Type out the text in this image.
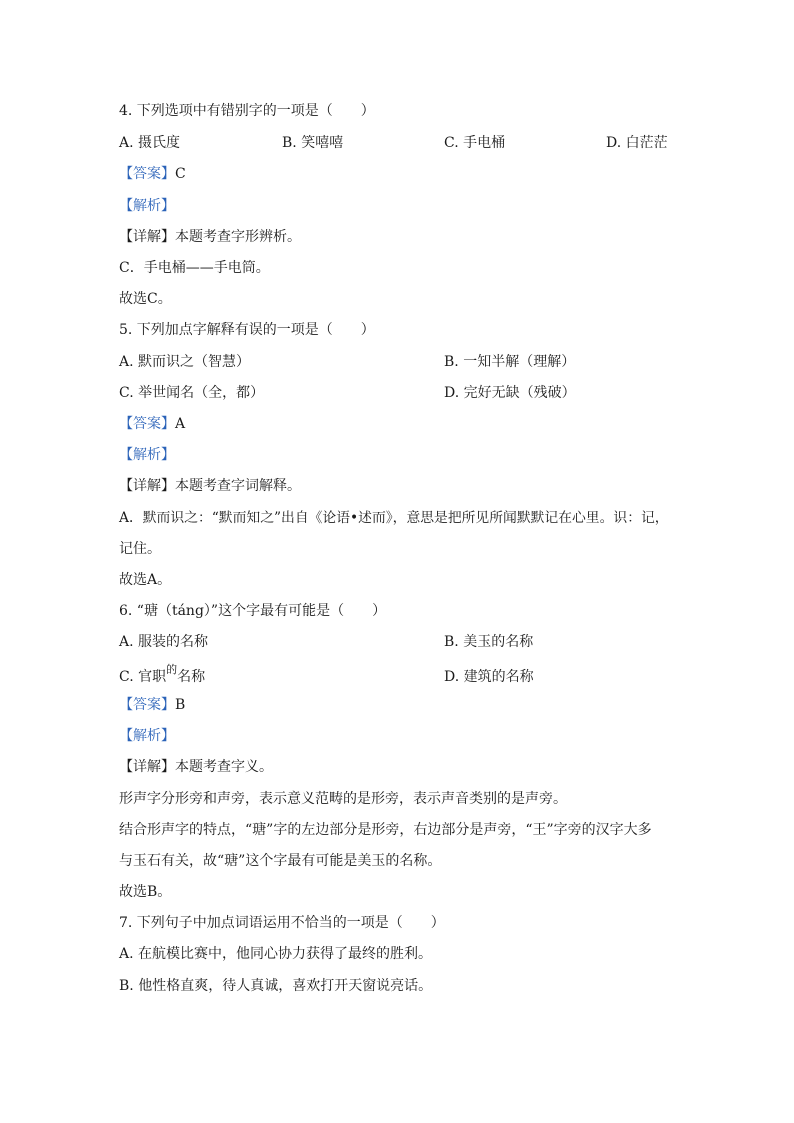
4. 下列选项中有错别字的一项是（　　）
A. 摄氏度	B. 笑嘻嘻	C. 手电桶	D. 白茫茫
【答案】C
【解析】
【详解】本题考查字形辨析。
C．手电桶——手电筒。
故选C。
5. 下列加点字解释有误的一项是（　　）
A. 默而识之（智慧）	B. 一知半解（理解）
C. 举世闻名（全，都）	D. 完好无缺（残破）
【答案】A
【解析】
【详解】本题考查字词解释。
A．默而识之：“默而知之”出自《论语•述而》，意思是把所见所闻默默记在心里。识：记，
记住。
故选A。
6. “瑭（táng）”这个字最有可能是（　　）
A. 服装的名称	B. 美玉的名称
C. 官职$^的$名称	D. 建筑的名称
【答案】B
【解析】
【详解】本题考查字义。
形声字分形旁和声旁，表示意义范畴的是形旁，表示声音类别的是声旁。
结合形声字的特点，“瑭”字的左边部分是形旁，右边部分是声旁，“王”字旁的汉字大多
与玉石有关，故“瑭”这个字最有可能是美玉的名称。
故选B。
7. 下列句子中加点词语运用不恰当的一项是（　　）
A. 在航模比赛中，他同心协力获得了最终的胜利。
B. 他性格直爽，待人真诚，喜欢打开天窗说亮话。
